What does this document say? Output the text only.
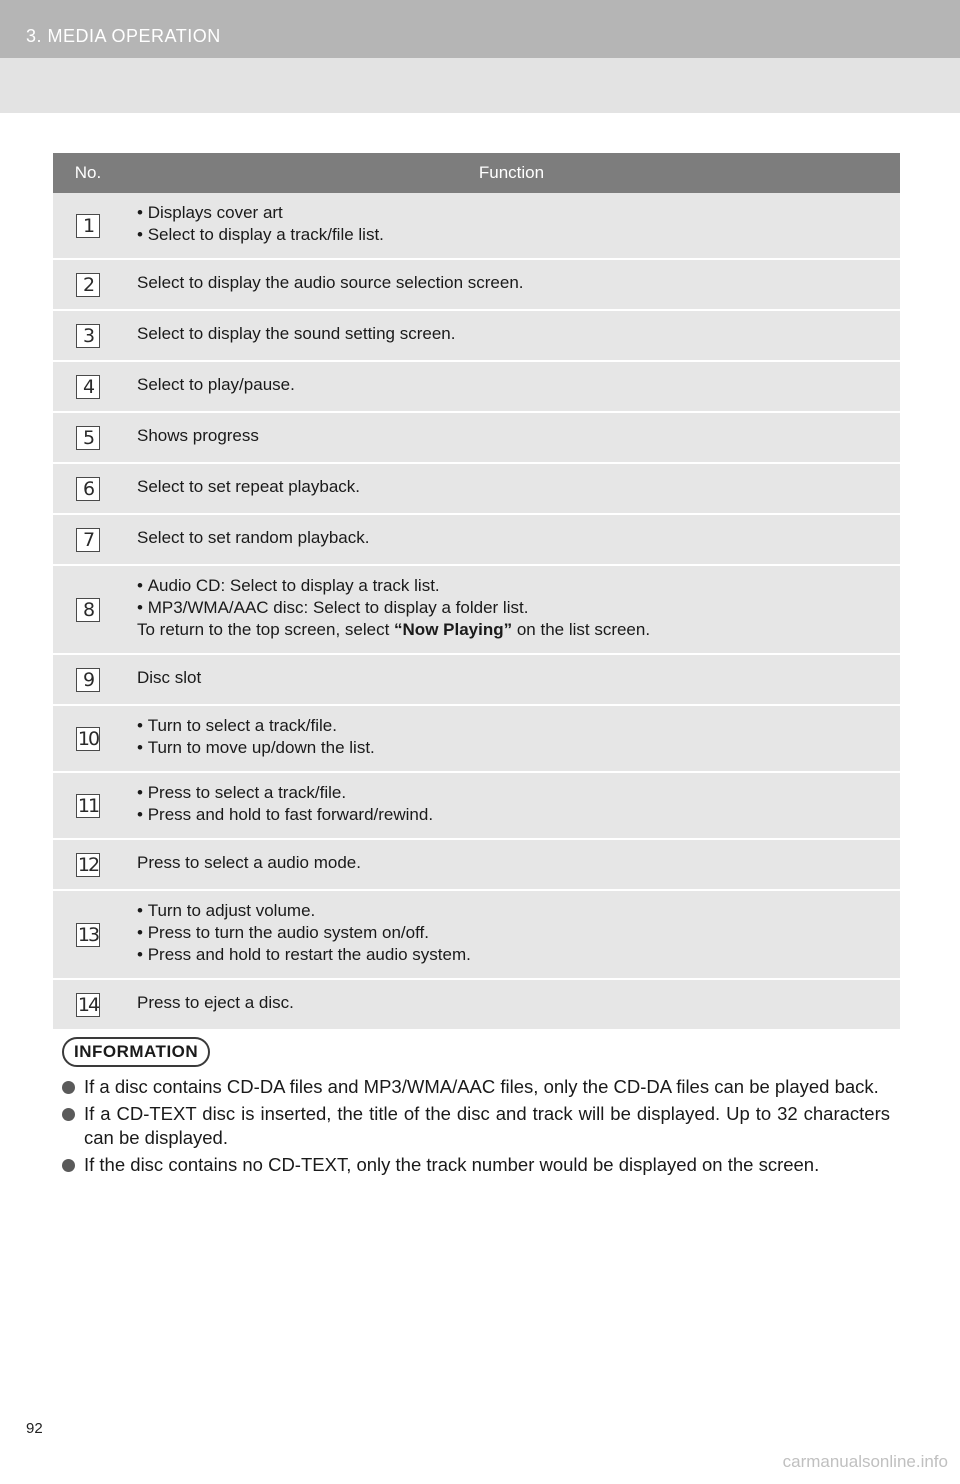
3. MEDIA OPERATION
No.	Function
1	• Displays cover art
• Select to display a track/file list.

2	Select to display the audio source selection screen.

3	Select to display the sound setting screen.

4	Select to play/pause.

5	Shows progress

6	Select to set repeat playback.

7	Select to set random playback.

8	• Audio CD: Select to display a track list.
• MP3/WMA/AAC disc: Select to display a folder list.
To return to the top screen, select “Now Playing” on the list screen.

9	Disc slot

10	• Turn to select a track/file.
• Turn to move up/down the list.

11	• Press to select a track/file.
• Press and hold to fast forward/rewind.

12	Press to select a audio mode.

13	• Turn to adjust volume.
• Press to turn the audio system on/off.
• Press and hold to restart the audio system.

14	Press to eject a disc.
INFORMATION
If a disc contains CD-DA files and MP3/WMA/AAC files, only the CD-DA files can be played back.
If a CD-TEXT disc is inserted, the title of the disc and track will be displayed. Up to 32 characters can be displayed.
If the disc contains no CD-TEXT, only the track number would be displayed on the screen.
92
carmanualsonline.info
